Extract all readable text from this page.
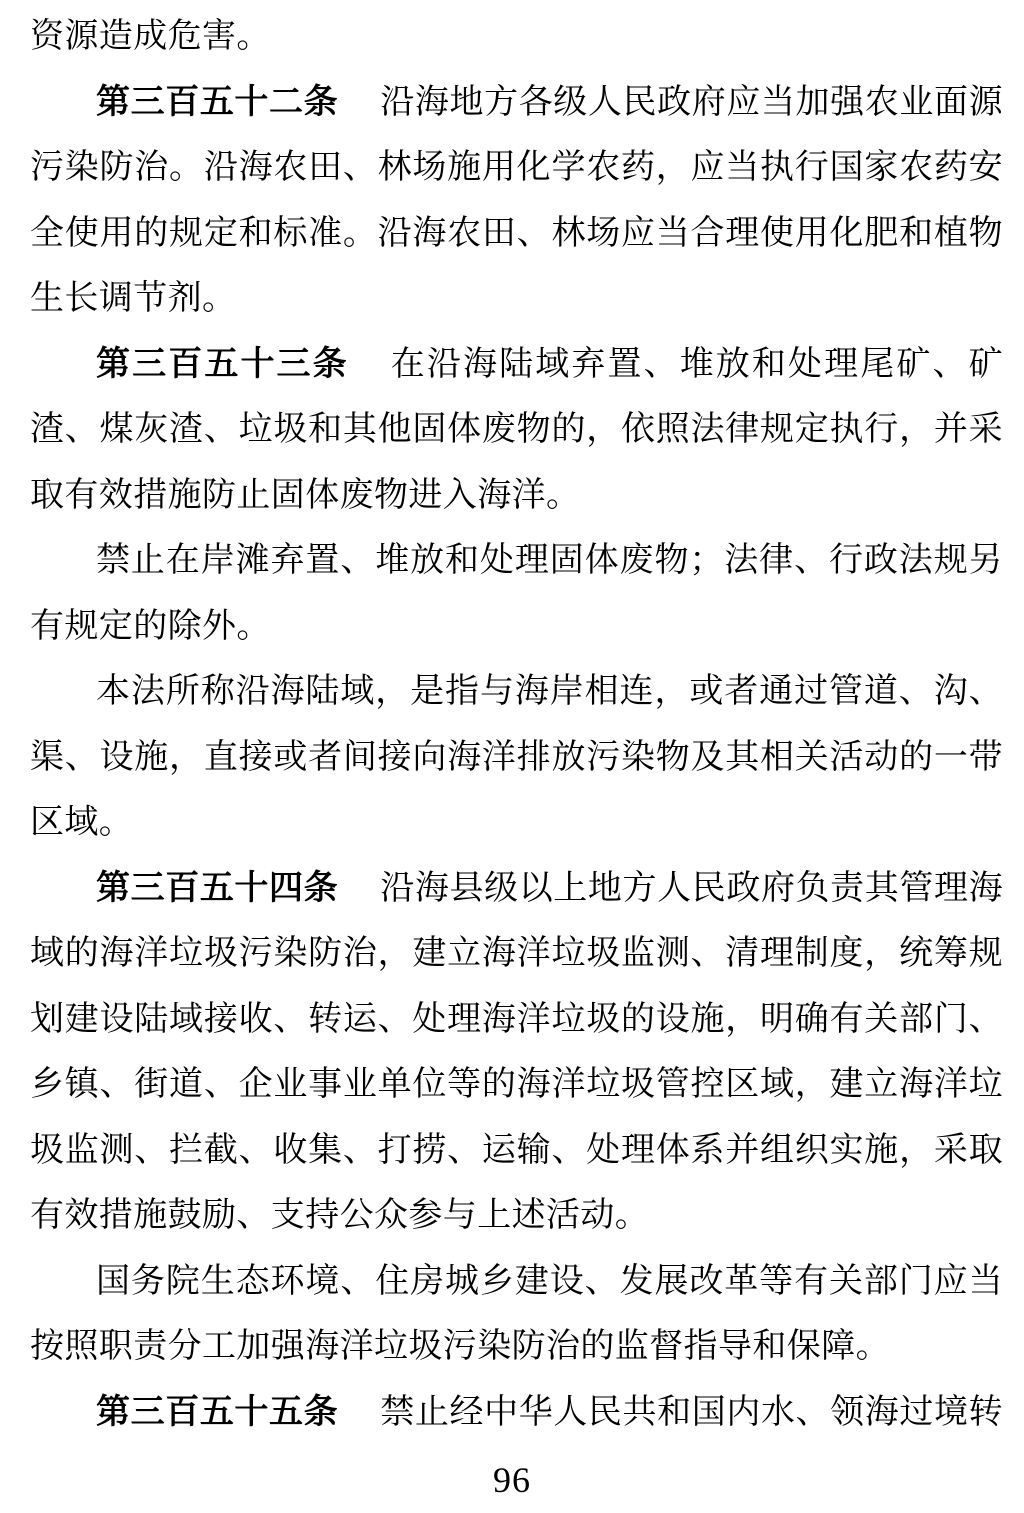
资源造成危害。
第三百五十二条 沿海地方各级人民政府应当加强农业面源
污染防治。沿海农田、林场施用化学农药，应当执行国家农药安
全使用的规定和标准。沿海农田、林场应当合理使用化肥和植物
生长调节剂。
第三百五十三条 在沿海陆域弃置、堆放和处理尾矿、矿
渣、煤灰渣、垃圾和其他固体废物的，依照法律规定执行，并采
取有效措施防止固体废物进入海洋。
禁止在岸滩弃置、堆放和处理固体废物；法律、行政法规另
有规定的除外。
本法所称沿海陆域，是指与海岸相连，或者通过管道、沟、
渠、设施，直接或者间接向海洋排放污染物及其相关活动的一带
区域。
第三百五十四条 沿海县级以上地方人民政府负责其管理海
域的海洋垃圾污染防治，建立海洋垃圾监测、清理制度，统筹规
划建设陆域接收、转运、处理海洋垃圾的设施，明确有关部门、
乡镇、街道、企业事业单位等的海洋垃圾管控区域，建立海洋垃
圾监测、拦截、收集、打捞、运输、处理体系并组织实施，采取
有效措施鼓励、支持公众参与上述活动。
国务院生态环境、住房城乡建设、发展改革等有关部门应当
按照职责分工加强海洋垃圾污染防治的监督指导和保障。
第三百五十五条 禁止经中华人民共和国内水、领海过境转
96
